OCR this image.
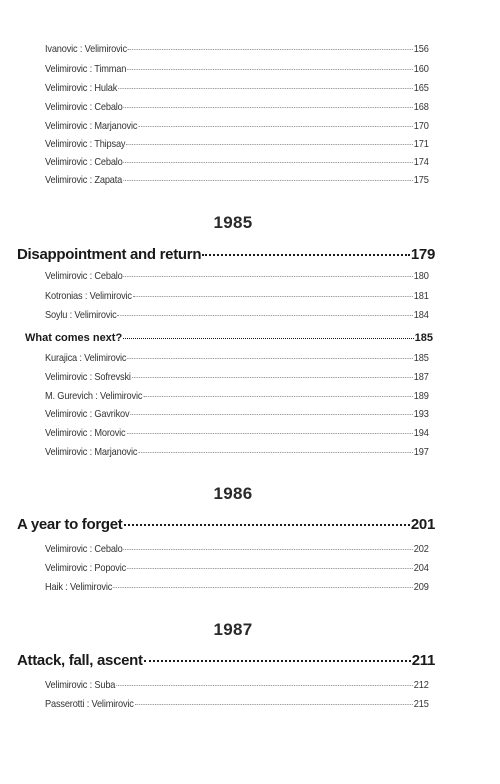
Ivanovic : Velimirovic	156
Velimirovic : Timman	160
Velimirovic : Hulak	165
Velimirovic : Cebalo	168
Velimirovic : Marjanovic	170
Velimirovic : Thipsay	171
Velimirovic : Cebalo	174
Velimirovic : Zapata	175
1985
Disappointment and return	179
Velimirovic : Cebalo	180
Kotronias : Velimirovic	181
Soylu : Velimirovic	184
What comes next?	185
Kurajica : Velimirovic	185
Velimirovic : Sofrevski	187
M. Gurevich : Velimirovic	189
Velimirovic : Gavrikov	193
Velimirovic : Morovic	194
Velimirovic : Marjanovic	197
1986
A year to forget	201
Velimirovic : Cebalo	202
Velimirovic : Popovic	204
Haik : Velimirovic	209
1987
Attack, fall, ascent	211
Velimirovic : Suba	212
Passerotti : Velimirovic	215
